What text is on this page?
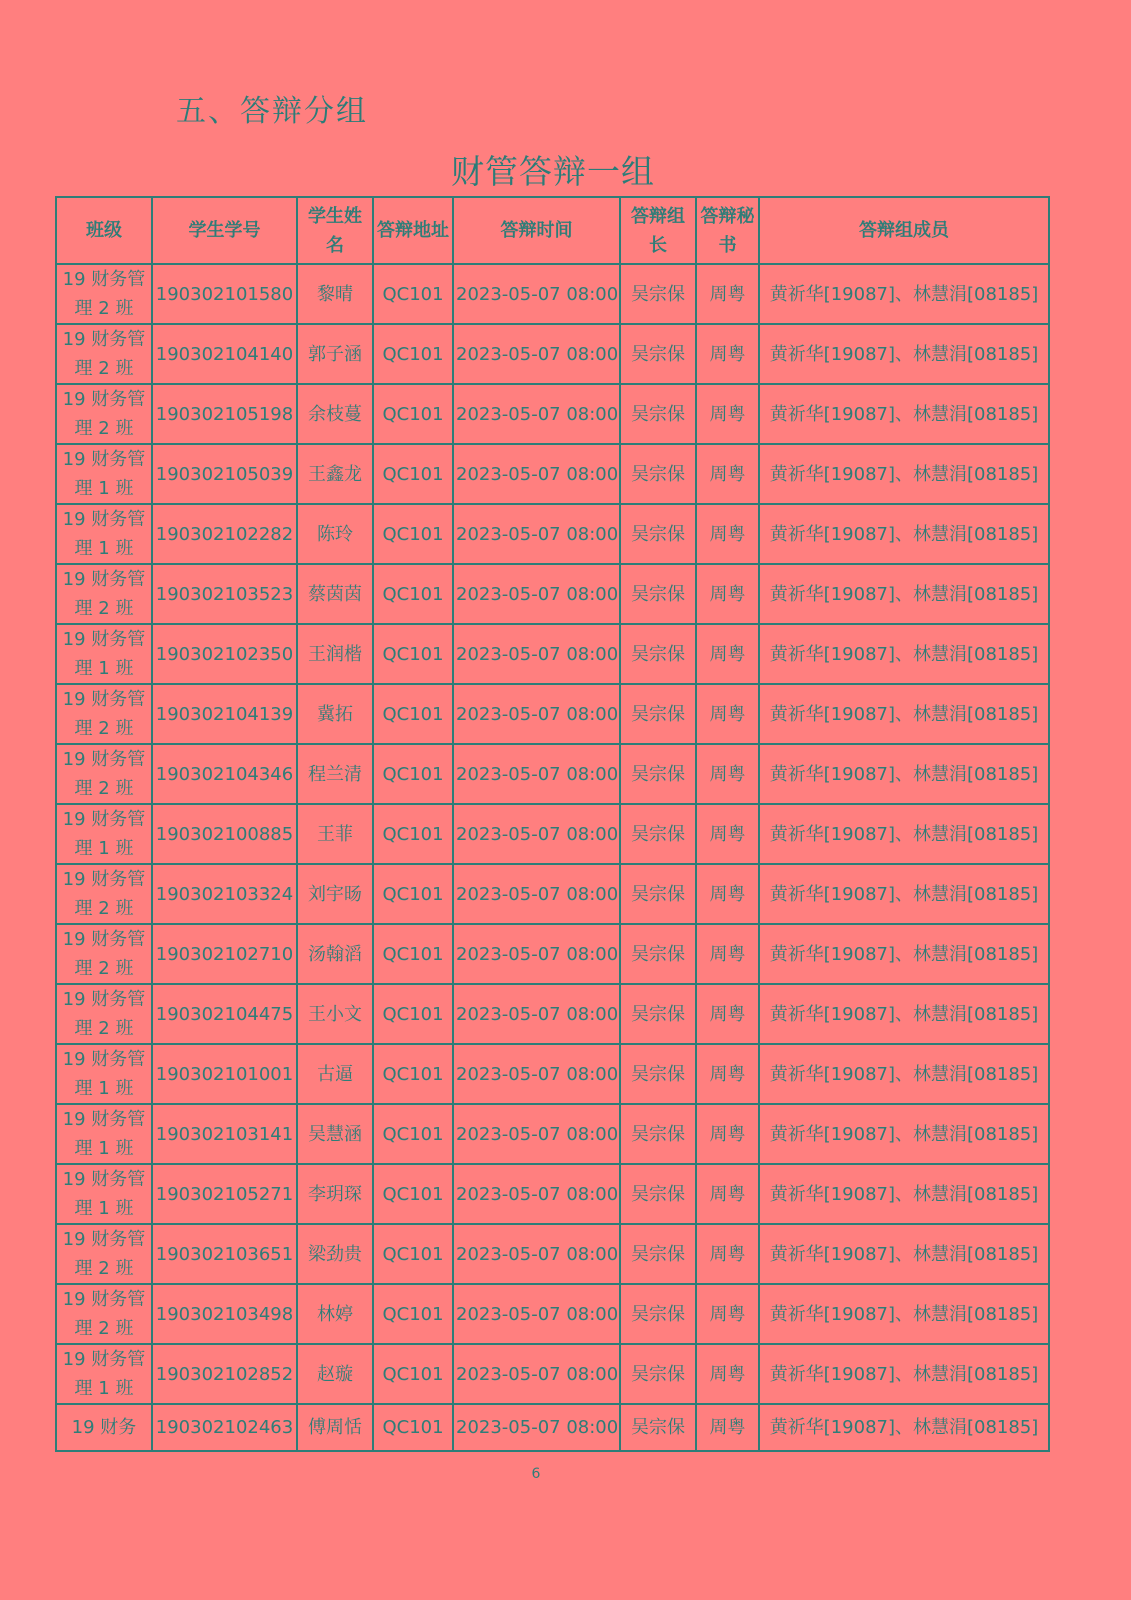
五、答辩分组
财管答辩一组
班级	学生学号	学生姓名	答辩地址	答辩时间	答辩组长	答辩秘书	答辩组成员
19 财务管理 2 班	190302101580	黎晴	QC101	2023-05-07 08:00	吴宗保	周粤	黄祈华[19087]、林慧涓[08185]
19 财务管理 2 班	190302104140	郭子涵	QC101	2023-05-07 08:00	吴宗保	周粤	黄祈华[19087]、林慧涓[08185]
19 财务管理 2 班	190302105198	余枝蔓	QC101	2023-05-07 08:00	吴宗保	周粤	黄祈华[19087]、林慧涓[08185]
19 财务管理 1 班	190302105039	王鑫龙	QC101	2023-05-07 08:00	吴宗保	周粤	黄祈华[19087]、林慧涓[08185]
19 财务管理 1 班	190302102282	陈玲	QC101	2023-05-07 08:00	吴宗保	周粤	黄祈华[19087]、林慧涓[08185]
19 财务管理 2 班	190302103523	蔡茵茵	QC101	2023-05-07 08:00	吴宗保	周粤	黄祈华[19087]、林慧涓[08185]
19 财务管理 1 班	190302102350	王润楷	QC101	2023-05-07 08:00	吴宗保	周粤	黄祈华[19087]、林慧涓[08185]
19 财务管理 2 班	190302104139	冀拓	QC101	2023-05-07 08:00	吴宗保	周粤	黄祈华[19087]、林慧涓[08185]
19 财务管理 2 班	190302104346	程兰清	QC101	2023-05-07 08:00	吴宗保	周粤	黄祈华[19087]、林慧涓[08185]
19 财务管理 1 班	190302100885	王菲	QC101	2023-05-07 08:00	吴宗保	周粤	黄祈华[19087]、林慧涓[08185]
19 财务管理 2 班	190302103324	刘宇旸	QC101	2023-05-07 08:00	吴宗保	周粤	黄祈华[19087]、林慧涓[08185]
19 财务管理 2 班	190302102710	汤翰滔	QC101	2023-05-07 08:00	吴宗保	周粤	黄祈华[19087]、林慧涓[08185]
19 财务管理 2 班	190302104475	王小文	QC101	2023-05-07 08:00	吴宗保	周粤	黄祈华[19087]、林慧涓[08185]
19 财务管理 1 班	190302101001	古逼	QC101	2023-05-07 08:00	吴宗保	周粤	黄祈华[19087]、林慧涓[08185]
19 财务管理 1 班	190302103141	吴慧涵	QC101	2023-05-07 08:00	吴宗保	周粤	黄祈华[19087]、林慧涓[08185]
19 财务管理 1 班	190302105271	李玥琛	QC101	2023-05-07 08:00	吴宗保	周粤	黄祈华[19087]、林慧涓[08185]
19 财务管理 2 班	190302103651	梁劲贵	QC101	2023-05-07 08:00	吴宗保	周粤	黄祈华[19087]、林慧涓[08185]
19 财务管理 2 班	190302103498	林婷	QC101	2023-05-07 08:00	吴宗保	周粤	黄祈华[19087]、林慧涓[08185]
19 财务管理 1 班	190302102852	赵璇	QC101	2023-05-07 08:00	吴宗保	周粤	黄祈华[19087]、林慧涓[08185]
19 财务	190302102463	傅周恬	QC101	2023-05-07 08:00	吴宗保	周粤	黄祈华[19087]、林慧涓[08185]
6
